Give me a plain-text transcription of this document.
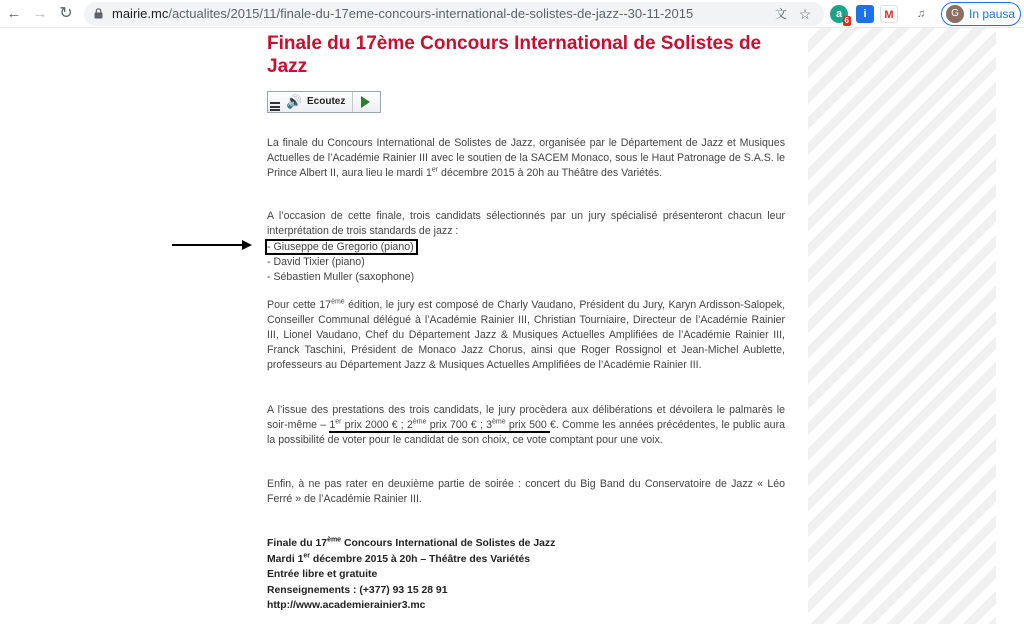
← → ↻	mairie.mc/actualites/2015/11/finale-du-17eme-concours-international-de-solistes-de-jazz--30-11-2015	文 ☆	a
6
i	M	♫	G In pausa
Finale du 17ème Concours International de Solistes de Jazz
🔊 Ecoutez
La finale du Concours International de Solistes de Jazz, organisée par le Département de Jazz et Musiques Actuelles de l’Académie Rainier III avec le soutien de la SACEM Monaco, sous le Haut Patronage de S.A.S. le Prince Albert II, aura lieu le mardi 1er décembre 2015 à 20h au Théâtre des Variétés.
A l’occasion de cette finale, trois candidats sélectionnés par un jury spécialisé présenteront chacun leur interprétation de trois standards de jazz :
- Giuseppe de Gregorio (piano)
- David Tixier (piano)
- Sébastien Muller (saxophone)
Pour cette 17ème édition, le jury est composé de Charly Vaudano, Président du Jury, Karyn Ardisson-Salopek, Conseiller Communal délégué à l’Académie Rainier III, Christian Tourniaire, Directeur de l’Académie Rainier III, Lionel Vaudano, Chef du Département Jazz & Musiques Actuelles Amplifiées de l’Académie Rainier III, Franck Taschini, Président de Monaco Jazz Chorus, ainsi que Roger Rossignol et Jean-Michel Aublette, professeurs au Département Jazz & Musiques Actuelles Amplifiées de l’Académie Rainier III.
A l’issue des prestations des trois candidats, le jury procèdera aux délibérations et dévoilera le palmarès le soir-même – 1er prix 2000 € ; 2ème prix 700 € ; 3ème prix 500 €. Comme les années précédentes, le public aura la possibilité de voter pour le candidat de son choix, ce vote comptant pour une voix.
Enfin, à ne pas rater en deuxième partie de soirée : concert du Big Band du Conservatoire de Jazz « Léo Ferré » de l’Académie Rainier III.
Finale du 17ème Concours International de Solistes de Jazz
Mardi 1er décembre 2015 à 20h – Théâtre des Variétés
Entrée libre et gratuite
Renseignements : (+377) 93 15 28 91
http://www.academierainier3.mc
